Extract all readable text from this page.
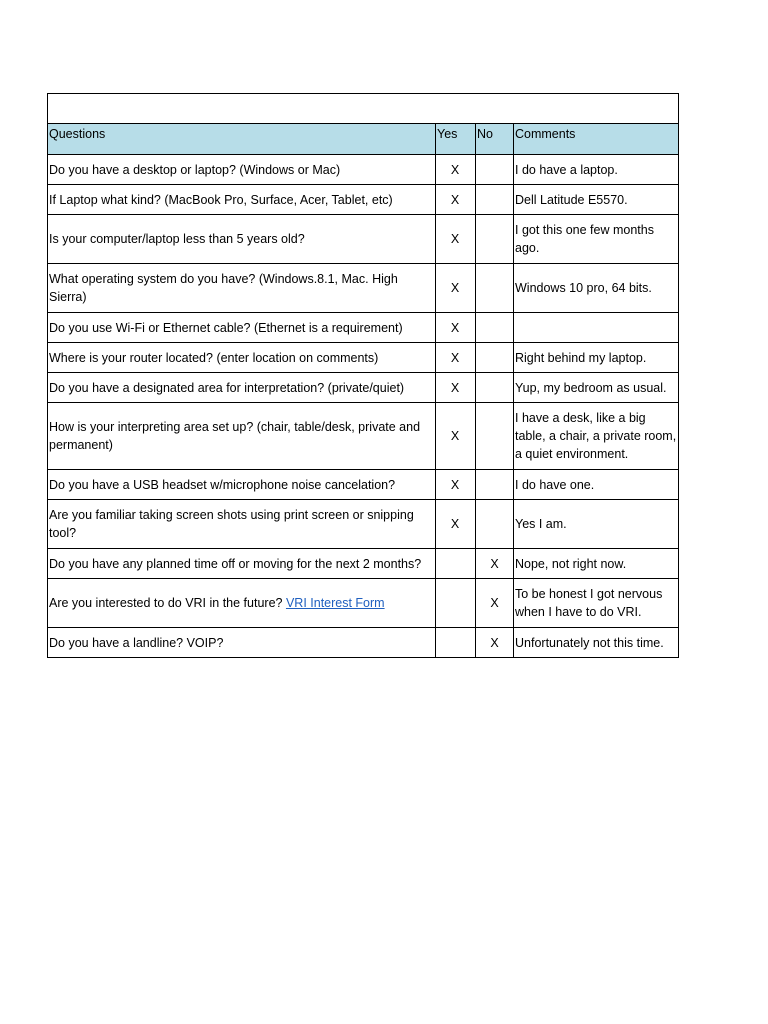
Questions	Yes	No	Comments
Do you have a desktop or laptop? (Windows or Mac)	X		I do have a laptop.
If Laptop what kind? (MacBook Pro, Surface, Acer, Tablet, etc)	X		Dell Latitude E5570.
Is your computer/laptop less than 5 years old?	X		I got this one few months ago.
What operating system do you have? (Windows.8.1, Mac. High Sierra)	X		Windows 10 pro, 64 bits.
Do you use Wi-Fi or Ethernet cable? (Ethernet is a requirement)	X		
Where is your router located? (enter location on comments)	X		Right behind my laptop.
Do you have a designated area for interpretation? (private/quiet)	X		Yup, my bedroom as usual.
How is your interpreting area set up? (chair, table/desk, private and permanent)	X		I have a desk, like a big table, a chair, a private room, a quiet environment.
Do you have a USB headset w/microphone noise cancelation?	X		I do have one.
Are you familiar taking screen shots using print screen or snipping tool?	X		Yes I am.
Do you have any planned time off or moving for the next 2 months?		X	Nope, not right now.
Are you interested to do VRI in the future? VRI Interest Form		X	To be honest I got nervous when I have to do VRI.
Do you have a landline? VOIP?		X	Unfortunately not this time.
